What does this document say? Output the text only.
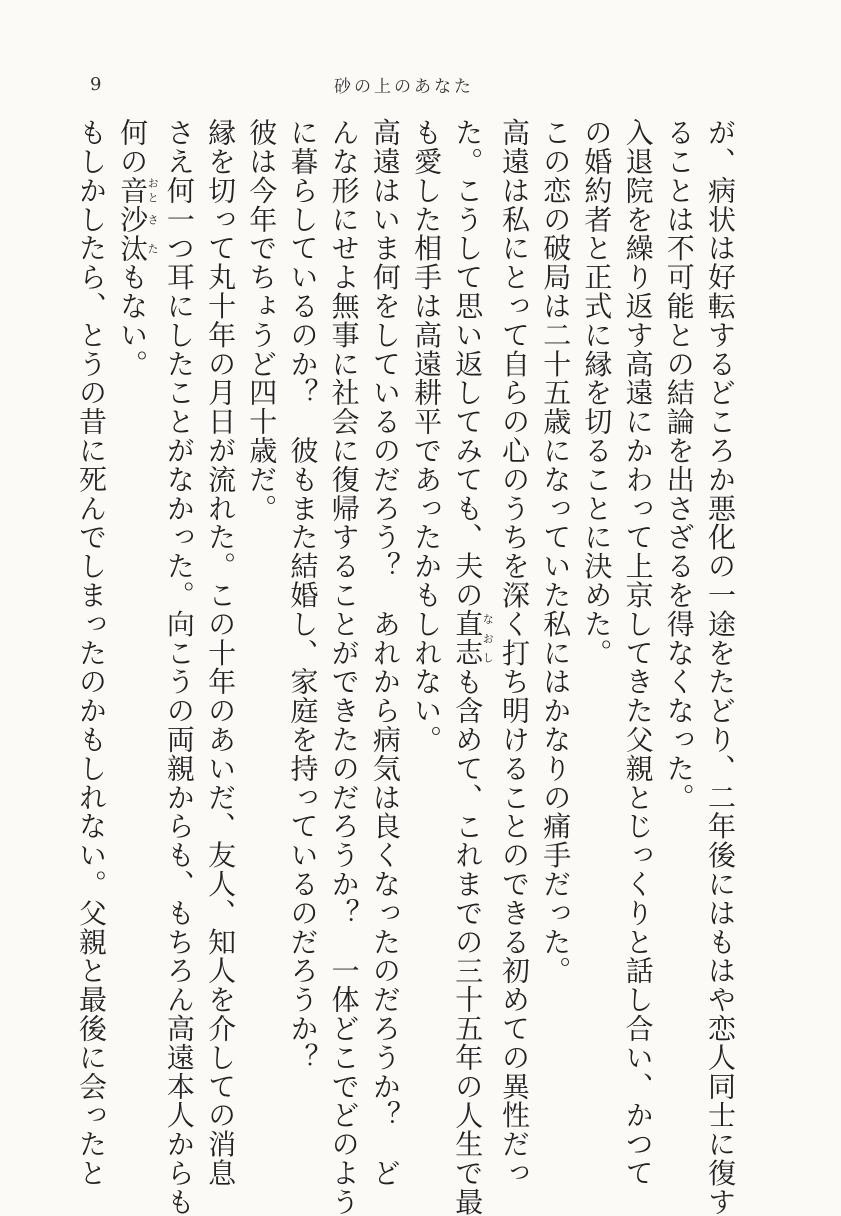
9	砂の上のあなた
が、病状は好転するどころか悪化の一途をたどり、二年後にはもはや恋人同士に復す
ることは不可能との結論を出さざるを得なくなった。
入退院を繰り返す高遠にかわって上京してきた父親とじっくりと話し合い、かつて
の婚約者と正式に縁を切ることに決めた。
この恋の破局は二十五歳になっていた私にはかなりの痛手だった。
高遠は私にとって自らの心のうちを深く打ち明けることのできる初めての異性だっ
た。こうして思い返してみても、夫の直志なおしも含めて、これまでの三十五年の人生で最
も愛した相手は高遠耕平であったかもしれない。
高遠はいま何をしているのだろう？　あれから病気は良くなったのだろうか？　ど
んな形にせよ無事に社会に復帰することができたのだろうか？　一体どこでどのよう
に暮らしているのか？　彼もまた結婚し、家庭を持っているのだろうか？
彼は今年でちょうど四十歳だ。
縁を切って丸十年の月日が流れた。この十年のあいだ、友人、知人を介しての消息
さえ何一つ耳にしたことがなかった。向こうの両親からも、もちろん高遠本人からも
何の音おと沙汰さたもない。
もしかしたら、とうの昔に死んでしまったのかもしれない。父親と最後に会ったと
